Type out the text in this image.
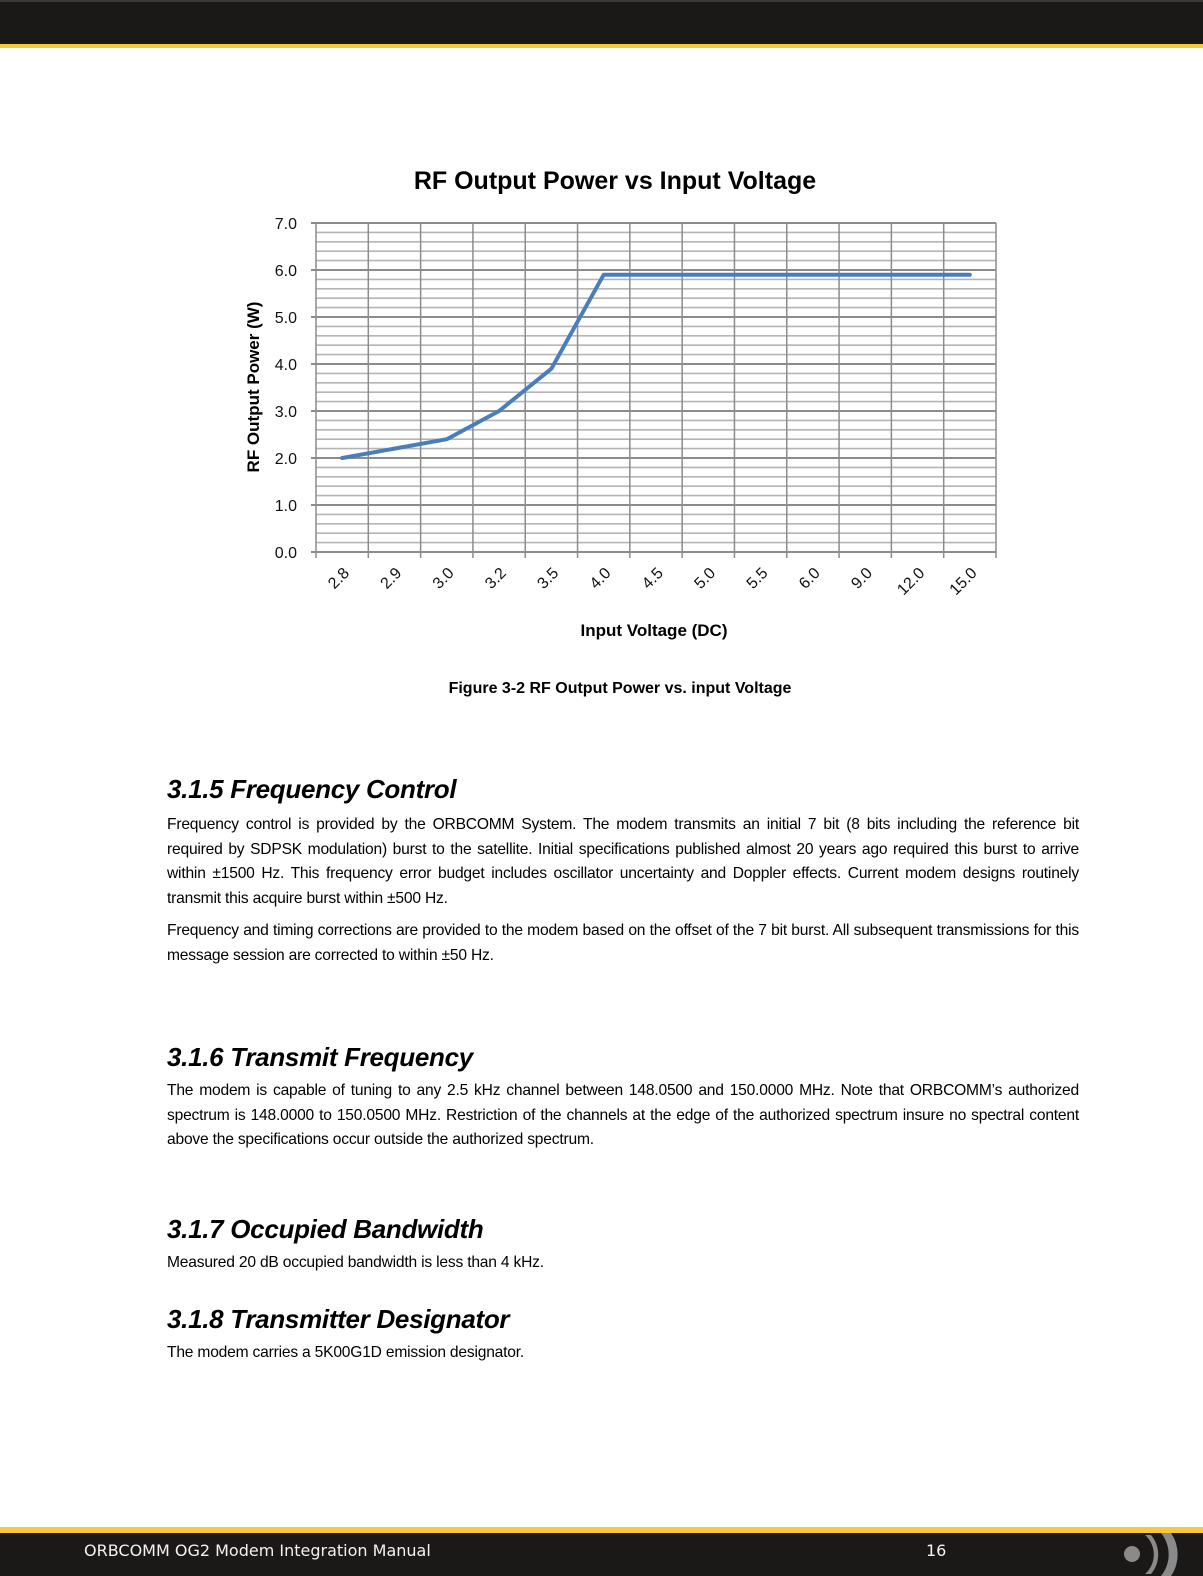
RF Output Power vs Input Voltage
0.0
1.0
2.0
3.0
4.0
5.0
6.0
7.0
2.8 2.9 3.0 3.2 3.5 4.0 4.5 5.0 5.5 6.0 9.0 12.0 15.0
RF Output Power (W)
Input Voltage (DC)
Figure 3-2 RF Output Power vs. input Voltage
3.1.5 Frequency Control

Frequency control is provided by the ORBCOMM System. The modem transmits an initial 7 bit (8 bits including the reference bit required by SDPSK modulation) burst to the satellite. Initial specifications published almost 20 years ago required this burst to arrive within ±1500 Hz. This frequency error budget includes oscillator uncertainty and Doppler effects. Current modem designs routinely transmit this acquire burst within ±500 Hz.

Frequency and timing corrections are provided to the modem based on the offset of the 7 bit burst. All subsequent transmissions for this message session are corrected to within ±50 Hz.

3.1.6 Transmit Frequency

The modem is capable of tuning to any 2.5 kHz channel between 148.0500 and 150.0000 MHz. Note that ORBCOMM’s authorized spectrum is 148.0000 to 150.0500 MHz. Restriction of the channels at the edge of the authorized spectrum insure no spectral content above the specifications occur outside the authorized spectrum.

3.1.7 Occupied Bandwidth

Measured 20 dB occupied bandwidth is less than 4 kHz.

3.1.8 Transmitter Designator

The modem carries a 5K00G1D emission designator.

ORBCOMM OG2 Modem Integration Manual	16
